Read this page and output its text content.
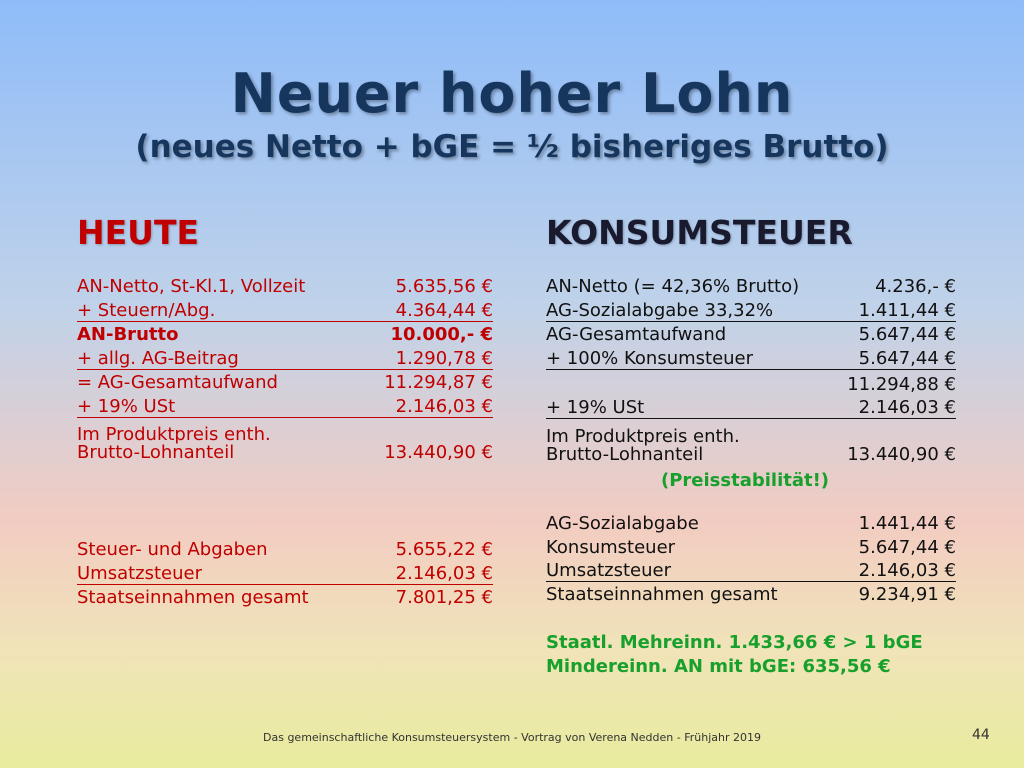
Neuer hoher Lohn
(neues Netto + bGE = ½ bisheriges Brutto)
HEUTE
AN-Netto, St-Kl.1, Vollzeit	5.635,56 €
+ Steuern/Abg.	4.364,44 €
AN-Brutto	10.000,- €
+ allg. AG-Beitrag	1.290,78 €
= AG-Gesamtaufwand	11.294,87 €
+ 19% USt	2.146,03 €
Im Produktpreis enth.
Brutto-Lohnanteil	13.440,90 €
Steuer- und Abgaben	5.655,22 €
Umsatzsteuer	2.146,03 €
Staatseinnahmen gesamt	7.801,25 €
KONSUMSTEUER
AN-Netto (= 42,36% Brutto)	4.236,- €
AG-Sozialabgabe 33,32%	1.411,44 €
AG-Gesamtaufwand	5.647,44 €
+ 100% Konsumsteuer	5.647,44 €
11.294,88 €
+ 19% USt	2.146,03 €
Im Produktpreis enth.
Brutto-Lohnanteil	13.440,90 €
(Preisstabilität!)
AG-Sozialabgabe	1.441,44 €
Konsumsteuer	5.647,44 €
Umsatzsteuer	2.146,03 €
Staatseinnahmen gesamt	9.234,91 €
Staatl. Mehreinn. 1.433,66 € > 1 bGE
Mindereinn. AN mit bGE: 635,56 €
Das gemeinschaftliche Konsumsteuersystem - Vortrag von Verena Nedden - Frühjahr 2019	44
